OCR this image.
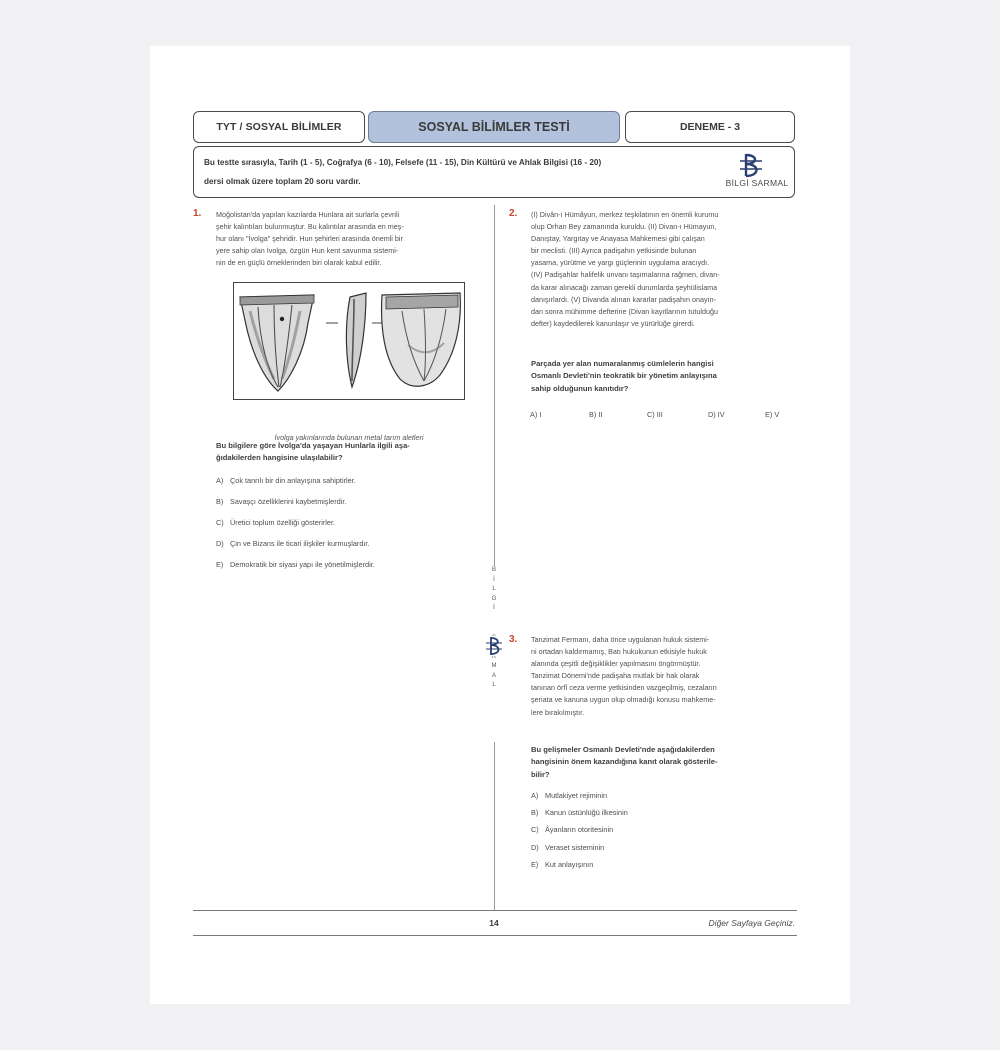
TYT / SOSYAL BİLİMLER	SOSYAL BİLİMLER TESTİ	DENEME - 3

Bu testte sırasıyla, Tarih (1 - 5), Coğrafya (6 - 10), Felsefe (11 - 15), Din Kültürü ve Ahlak Bilgisi (16 - 20)

dersi olmak üzere toplam 20 soru vardır.	BİLGİ SARMAL
1. Moğolistan'da yapılan kazılarda Hunlara ait surlarla çevrili
şehir kalıntıları bulunmuştur. Bu kalıntılar arasında en meş-
hur olanı "İvolga" şehridir. Hun şehirleri arasında önemli bir
yere sahip olan İvolga, özgün Hun kent savunma sistemi-
nin de en güçlü örneklerinden biri olarak kabul edilir.
İvolga yakınlarında bulunan metal tarım aletleri
Bu bilgilere göre İvolga'da yaşayan Hunlarla ilgili aşa-
ğıdakilerden hangisine ulaşılabilir?
A) Çok tanrılı bir din anlayışına sahiptirler.
B) Savaşçı özelliklerini kaybetmişlerdir.
C) Üretici toplum özelliği gösterirler.
D) Çin ve Bizans ile ticari ilişkiler kurmuşlardır.
E) Demokratik bir siyasi yapı ile yönetilmişlerdir.
B
İ
L
G
İ
S
A
R
M
A
L
2. (I) Divân-ı Hümâyun, merkez teşkilatının en önemli kurumu
olup Orhan Bey zamanında kuruldu. (II) Divan-ı Hümayun,
Danıştay, Yargıtay ve Anayasa Mahkemesi gibi çalışan
bir meclisti. (III) Ayrıca padişahın yetkisinde bulunan
yasama, yürütme ve yargı güçlerinin uygulama aracıydı.
(IV) Padişahlar halifelik unvanı taşımalarına rağmen, divan-
da karar alınacağı zaman gerekli durumlarda şeyhülislama
danışırlardı. (V) Divanda alınan kararlar padişahın onayın-
dan sonra mühimme defterine (Divan kayıtlarının tutulduğu
defter) kaydedilerek kanunlaşır ve yürürlüğe girerdi.
Parçada yer alan numaralanmış cümlelerin hangisi
Osmanlı Devleti'nin teokratik bir yönetim anlayışına
sahip olduğunun kanıtıdır?
A) I	B) II	C) III	D) IV	E) V
3. Tanzimat Fermanı, daha önce uygulanan hukuk sistemi-
ni ortadan kaldırmamış, Batı hukukunun etkisiyle hukuk
alanında çeşitli değişiklikler yapılmasını öngörmüştür.
Tanzimat Dönemi'nde padişaha mutlak bir hak olarak
tanınan örfî ceza verme yetkisinden vazgeçilmiş, cezaların
şeriata ve kanuna uygun olup olmadığı konusu mahkeme-
lere bırakılmıştır.
Bu gelişmeler Osmanlı Devleti'nde aşağıdakilerden
hangisinin önem kazandığına kanıt olarak gösterile-
bilir?
A) Mutlakiyet rejiminin
B) Kanun üstünlüğü ilkesinin
C) Âyanların otoritesinin
D) Veraset sisteminin
E) Kut anlayışının
14	Diğer Sayfaya Geçiniz.
